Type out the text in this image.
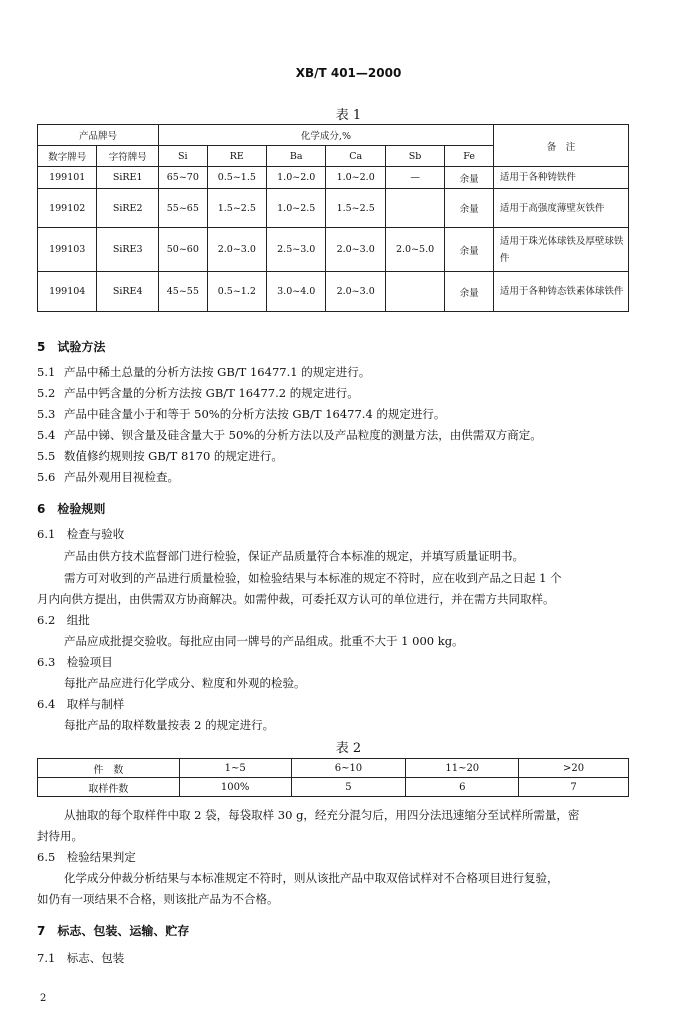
XB/T 401—2000
表 1
产品牌号		化学成分,%						备　注
数字牌号	字符牌号	Si	RE	Ba	Ca	Sb	Fe	
199101	SiRE1	65~70	0.5~1.5	1.0~2.0	1.0~2.0	—	余量	适用于各种铸铁件
199102	SiRE2	55~65	1.5~2.5	1.0~2.5	1.5~2.5		余量	适用于高强度薄壁灰铁件
199103	SiRE3	50~60	2.0~3.0	2.5~3.0	2.0~3.0	2.0~5.0	余量	适用于珠光体球铁及厚壁球铁件
199104	SiRE4	45~55	0.5~1.2	3.0~4.0	2.0~3.0		余量	适用于各种铸态铁素体球铁件
5　试验方法
5.1 产品中稀土总量的分析方法按 GB/T 16477.1 的规定进行。
5.2 产品中钙含量的分析方法按 GB/T 16477.2 的规定进行。
5.3 产品中硅含量小于和等于 50%的分析方法按 GB/T 16477.4 的规定进行。
5.4 产品中锑、钡含量及硅含量大于 50%的分析方法以及产品粒度的测量方法，由供需双方商定。
5.5 数值修约规则按 GB/T 8170 的规定进行。
5.6 产品外观用目视检查。
6　检验规则
6.1　检查与验收
产品由供方技术监督部门进行检验，保证产品质量符合本标准的规定，并填写质量证明书。
需方可对收到的产品进行质量检验，如检验结果与本标准的规定不符时，应在收到产品之日起 1 个
月内向供方提出，由供需双方协商解决。如需仲裁，可委托双方认可的单位进行，并在需方共同取样。
6.2　组批
产品应成批提交验收。每批应由同一牌号的产品组成。批重不大于 1 000 kg。
6.3　检验项目
每批产品应进行化学成分、粒度和外观的检验。
6.4　取样与制样
每批产品的取样数量按表 2 的规定进行。
表 2
件　数	1~5	6~10	11~20	>20
取样件数	100%	5	6	7
从抽取的每个取样件中取 2 袋，每袋取样 30 g，经充分混匀后，用四分法迅速缩分至试样所需量，密
封待用。
6.5　检验结果判定
化学成分仲裁分析结果与本标准规定不符时，则从该批产品中取双倍试样对不合格项目进行复验，
如仍有一项结果不合格，则该批产品为不合格。
7　标志、包装、运输、贮存
7.1　标志、包装
2
